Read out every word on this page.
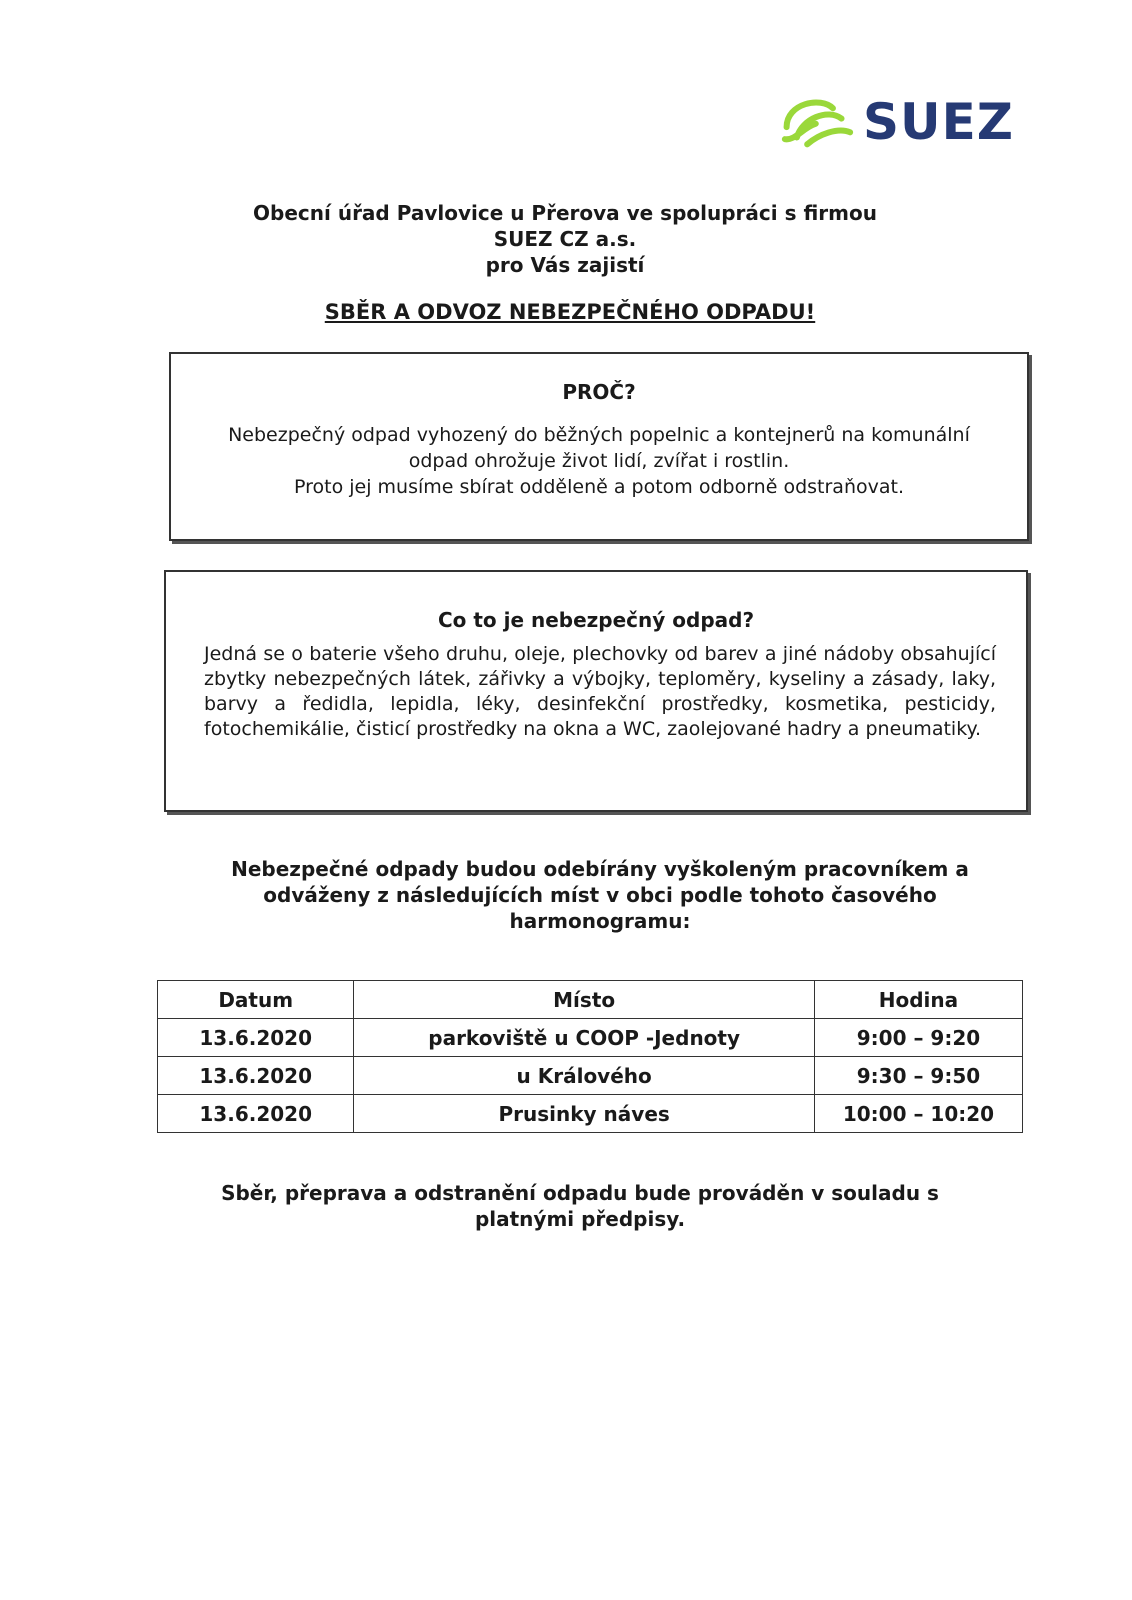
SUEZ
Obecní úřad Pavlovice u Přerova ve spolupráci s firmou
SUEZ CZ a.s.
pro Vás zajistí
SBĚR A ODVOZ NEBEZPEČNÉHO ODPADU!
PROČ?
Nebezpečný odpad vyhozený do běžných popelnic a kontejnerů na komunální
odpad ohrožuje život lidí, zvířat i rostlin.
Proto jej musíme sbírat odděleně a potom odborně odstraňovat.
Co to je nebezpečný odpad?
Jedná se o baterie všeho druhu, oleje, plechovky od barev a jiné nádoby obsahující zbytky nebezpečných látek, zářivky a výbojky, teploměry, kyseliny a zásady, laky, barvy a ředidla, lepidla, léky, desinfekční prostředky, kosmetika, pesticidy, fotochemikálie, čisticí prostředky na okna a WC, zaolejované hadry a pneumatiky.
Nebezpečné odpady budou odebírány vyškoleným pracovníkem a
odváženy z následujících míst v obci podle tohoto časového
harmonogramu:
Datum	Místo	Hodina
13.6.2020	parkoviště u COOP -Jednoty	9:00 – 9:20
13.6.2020	u Králového	9:30 – 9:50
13.6.2020	Prusinky náves	10:00 – 10:20
Sběr, přeprava a odstranění odpadu bude prováděn v souladu s
platnými předpisy.
